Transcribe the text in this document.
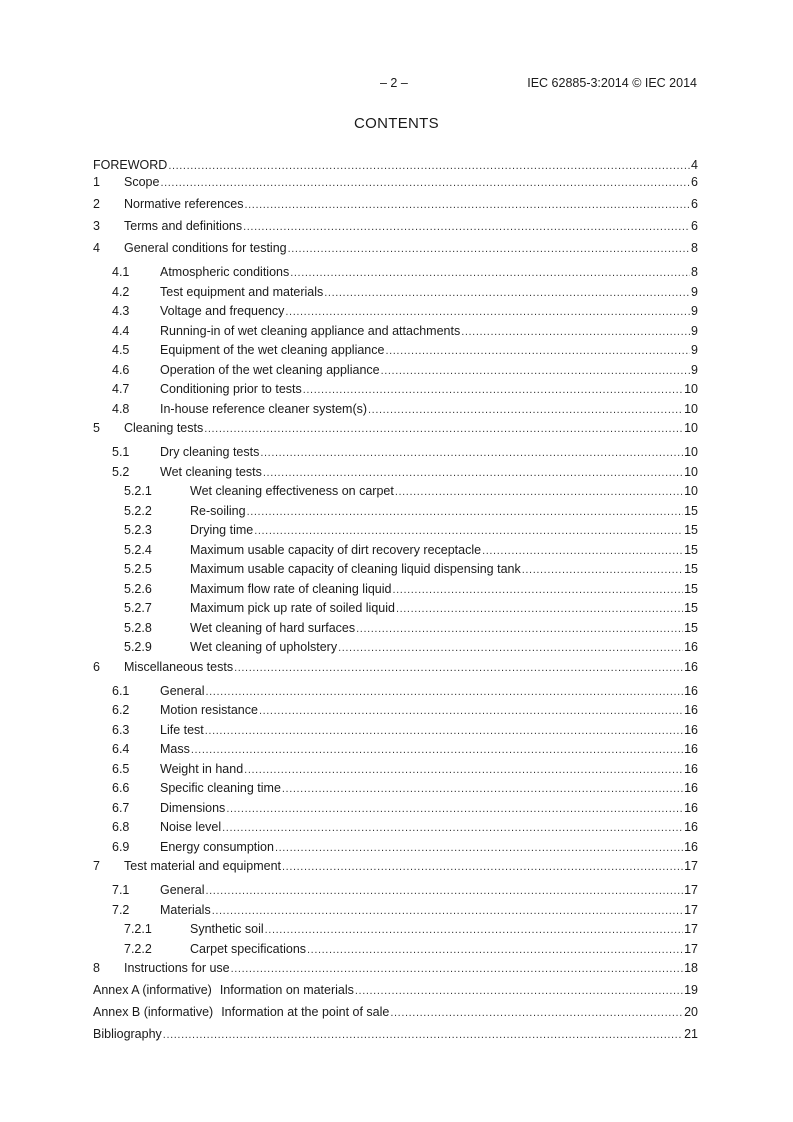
– 2 –	IEC 62885-3:2014 © IEC 2014
CONTENTS
FOREWORD .....	4
1	Scope .....	6
2	Normative references .....	6
3	Terms and definitions .....	6
4	General conditions for testing .....	8
4.1	Atmospheric conditions .....	8
4.2	Test equipment and materials .....	9
4.3	Voltage and frequency .....	9
4.4	Running-in of wet cleaning appliance and attachments .....	9
4.5	Equipment of the wet cleaning appliance .....	9
4.6	Operation of the wet cleaning appliance .....	9
4.7	Conditioning prior to tests .....	10
4.8	In-house reference cleaner system(s) .....	10
5	Cleaning tests .....	10
5.1	Dry cleaning tests .....	10
5.2	Wet cleaning tests .....	10
5.2.1	Wet cleaning effectiveness on carpet .....	10
5.2.2	Re-soiling .....	15
5.2.3	Drying time .....	15
5.2.4	Maximum usable capacity of dirt recovery receptacle .....	15
5.2.5	Maximum usable capacity of cleaning liquid dispensing tank .....	15
5.2.6	Maximum flow rate of cleaning liquid .....	15
5.2.7	Maximum pick up rate of soiled liquid .....	15
5.2.8	Wet cleaning of hard surfaces .....	15
5.2.9	Wet cleaning of upholstery .....	16
6	Miscellaneous tests .....	16
6.1	General .....	16
6.2	Motion resistance .....	16
6.3	Life test .....	16
6.4	Mass .....	16
6.5	Weight in hand .....	16
6.6	Specific cleaning time .....	16
6.7	Dimensions .....	16
6.8	Noise level .....	16
6.9	Energy consumption .....	16
7	Test material and equipment .....	17
7.1	General .....	17
7.2	Materials .....	17
7.2.1	Synthetic soil .....	17
7.2.2	Carpet specifications .....	17
8	Instructions for use .....	18
Annex A (informative) Information on materials .....	19
Annex B (informative) Information at the point of sale .....	20
Bibliography .....	21
